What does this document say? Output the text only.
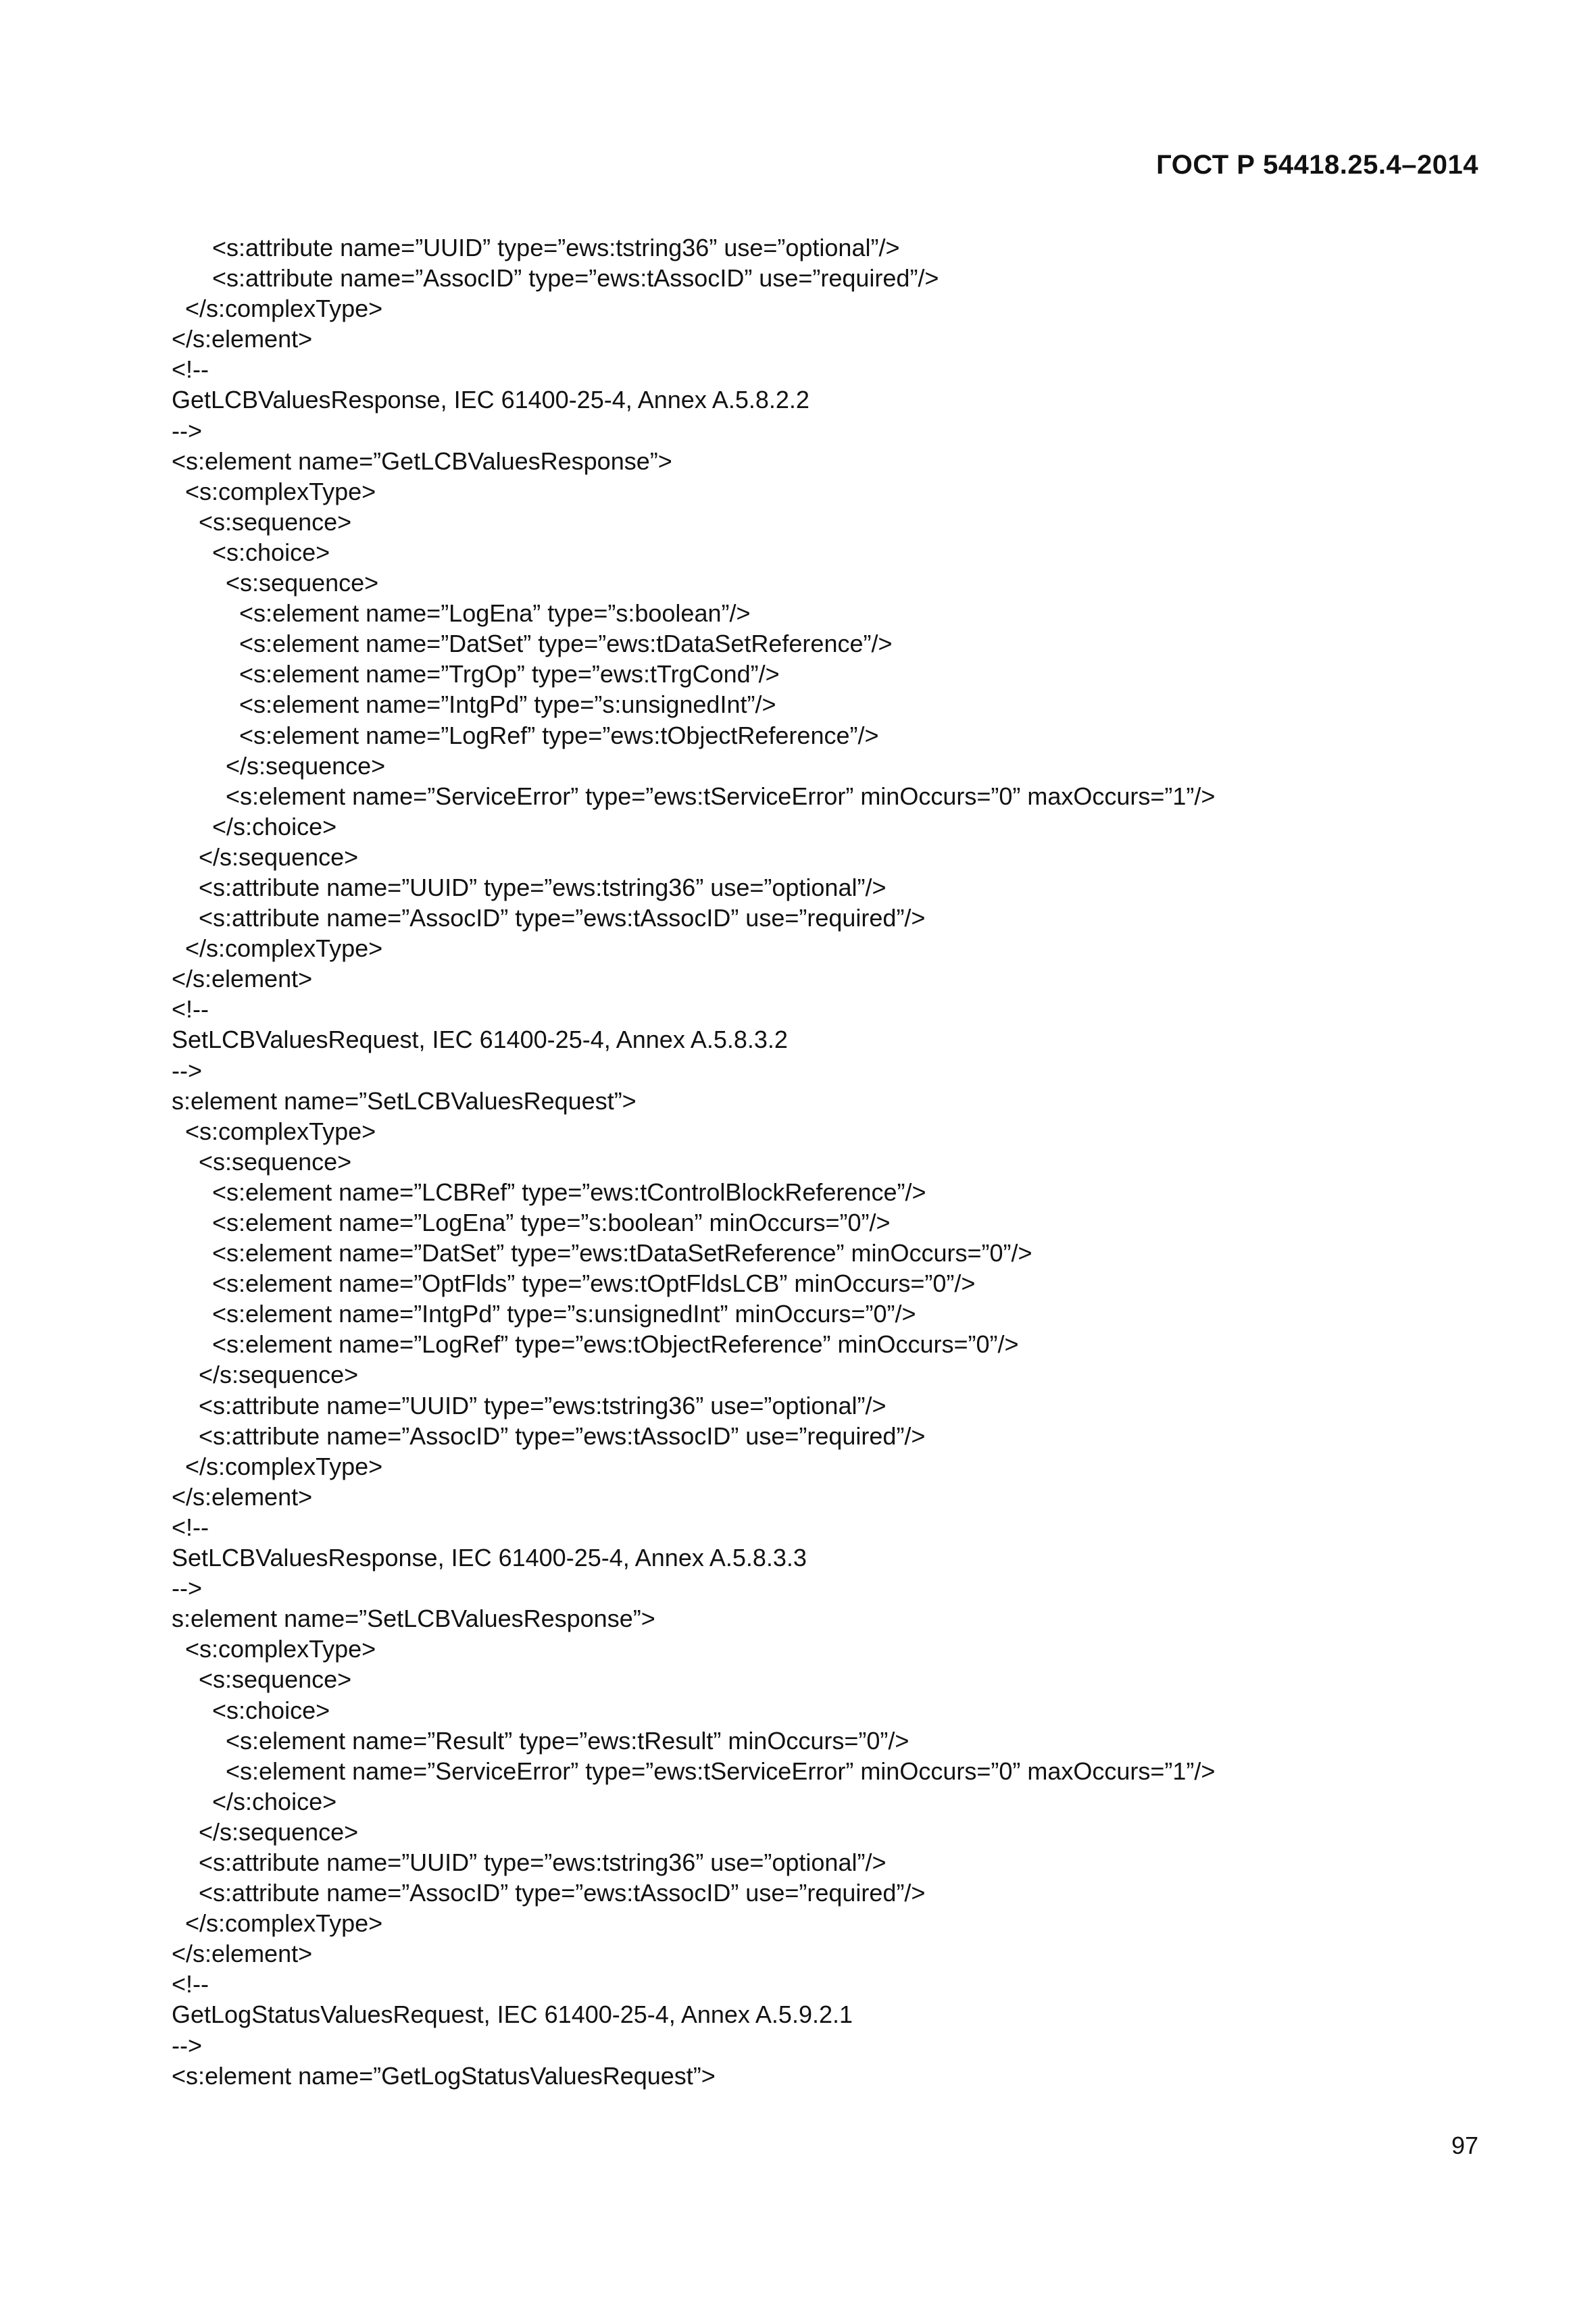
ГОСТ Р 54418.25.4–2014
<s:attribute name=”UUID” type=”ews:tstring36” use=”optional”/>
<s:attribute name=”AssocID” type=”ews:tAssocID” use=”required”/>
</s:complexType>
</s:element>
<!--
GetLCBValuesResponse, IEC 61400-25-4, Annex A.5.8.2.2
-->
<s:element name=”GetLCBValuesResponse”>
<s:complexType>
<s:sequence>
<s:choice>
<s:sequence>
<s:element name=”LogEna” type=”s:boolean”/>
<s:element name=”DatSet” type=”ews:tDataSetReference”/>
<s:element name=”TrgOp” type=”ews:tTrgCond”/>
<s:element name=”IntgPd” type=”s:unsignedInt”/>
<s:element name=”LogRef” type=”ews:tObjectReference”/>
</s:sequence>
<s:element name=”ServiceError” type=”ews:tServiceError” minOccurs=”0” maxOccurs=”1”/>
</s:choice>
</s:sequence>
<s:attribute name=”UUID” type=”ews:tstring36” use=”optional”/>
<s:attribute name=”AssocID” type=”ews:tAssocID” use=”required”/>
</s:complexType>
</s:element>
<!--
SetLCBValuesRequest, IEC 61400-25-4, Annex A.5.8.3.2
-->
s:element name=”SetLCBValuesRequest”>
<s:complexType>
<s:sequence>
<s:element name=”LCBRef” type=”ews:tControlBlockReference”/>
<s:element name=”LogEna” type=”s:boolean” minOccurs=”0”/>
<s:element name=”DatSet” type=”ews:tDataSetReference” minOccurs=”0”/>
<s:element name=”OptFlds” type=”ews:tOptFldsLCB” minOccurs=”0”/>
<s:element name=”IntgPd” type=”s:unsignedInt” minOccurs=”0”/>
<s:element name=”LogRef” type=”ews:tObjectReference” minOccurs=”0”/>
</s:sequence>
<s:attribute name=”UUID” type=”ews:tstring36” use=”optional”/>
<s:attribute name=”AssocID” type=”ews:tAssocID” use=”required”/>
</s:complexType>
</s:element>
<!--
SetLCBValuesResponse, IEC 61400-25-4, Annex A.5.8.3.3
-->
s:element name=”SetLCBValuesResponse”>
<s:complexType>
<s:sequence>
<s:choice>
<s:element name=”Result” type=”ews:tResult” minOccurs=”0”/>
<s:element name=”ServiceError” type=”ews:tServiceError” minOccurs=”0” maxOccurs=”1”/>
</s:choice>
</s:sequence>
<s:attribute name=”UUID” type=”ews:tstring36” use=”optional”/>
<s:attribute name=”AssocID” type=”ews:tAssocID” use=”required”/>
</s:complexType>
</s:element>
<!--
GetLogStatusValuesRequest, IEC 61400-25-4, Annex A.5.9.2.1
-->
<s:element name=”GetLogStatusValuesRequest”>
97
